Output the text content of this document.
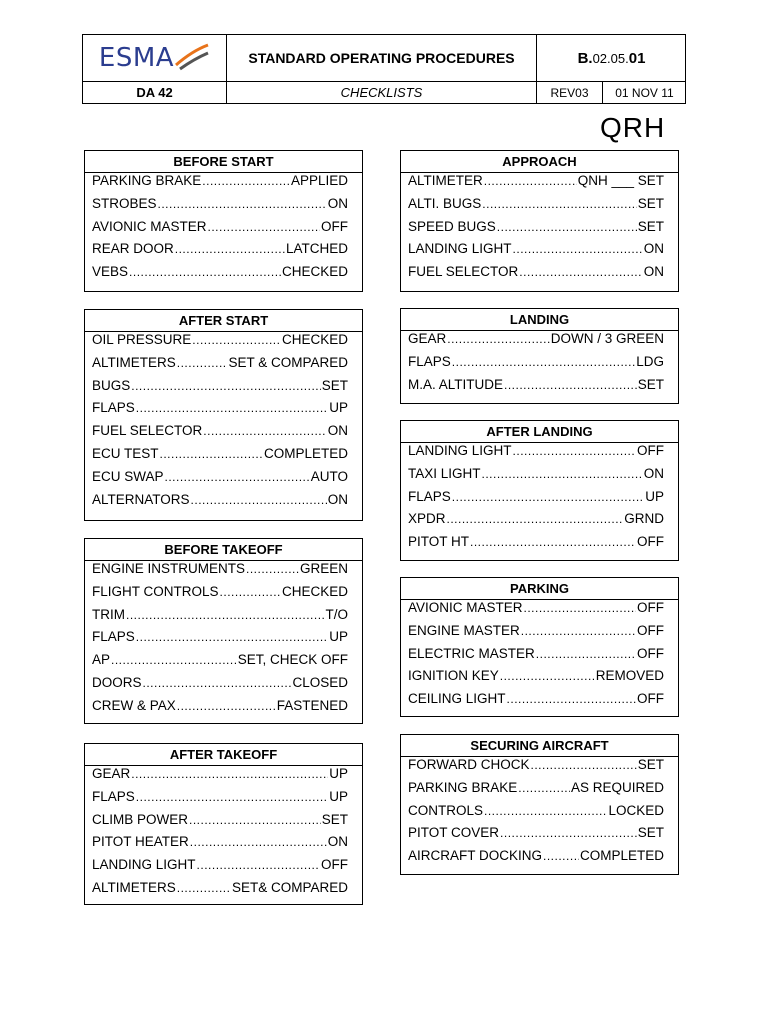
ESMA	STANDARD OPERATING PROCEDURES	B. 02.05. 01
DA 42	CHECKLISTS	REV03	01 NOV 11
QRH
BEFORE START
PARKING BRAKE .....	APPLIED
STROBES .....	ON
AVIONIC MASTER .....	OFF
REAR DOOR .....	LATCHED
VEBS .....	CHECKED
AFTER START
OIL PRESSURE .....	CHECKED
ALTIMETERS .....	SET & COMPARED
BUGS .....	SET
FLAPS .....	UP
FUEL SELECTOR .....	ON
ECU TEST .....	COMPLETED
ECU SWAP .....	AUTO
ALTERNATORS .....	ON
BEFORE TAKEOFF
ENGINE INSTRUMENTS .....	GREEN
FLIGHT CONTROLS .....	CHECKED
TRIM .....	T/O
FLAPS .....	UP
AP .....	SET, CHECK OFF
DOORS .....	CLOSED
CREW & PAX .....	FASTENED
AFTER TAKEOFF
GEAR .....	UP
FLAPS .....	UP
CLIMB POWER .....	SET
PITOT HEATER .....	ON
LANDING LIGHT .....	OFF
ALTIMETERS .....	SET& COMPARED
APPROACH
ALTIMETER .....	QNH ___ SET
ALTI. BUGS .....	SET
SPEED BUGS .....	SET
LANDING LIGHT .....	ON
FUEL SELECTOR .....	ON
LANDING
GEAR .....	DOWN / 3 GREEN
FLAPS .....	LDG
M.A. ALTITUDE .....	SET
AFTER LANDING
LANDING LIGHT .....	OFF
TAXI LIGHT .....	ON
FLAPS .....	UP
XPDR .....	GRND
PITOT HT .....	OFF
PARKING
AVIONIC MASTER .....	OFF
ENGINE MASTER .....	OFF
ELECTRIC MASTER .....	OFF
IGNITION KEY .....	REMOVED
CEILING LIGHT .....	OFF
SECURING AIRCRAFT
FORWARD CHOCK .....	SET
PARKING BRAKE .....	AS REQUIRED
CONTROLS .....	LOCKED
PITOT COVER .....	SET
AIRCRAFT DOCKING .....	COMPLETED
